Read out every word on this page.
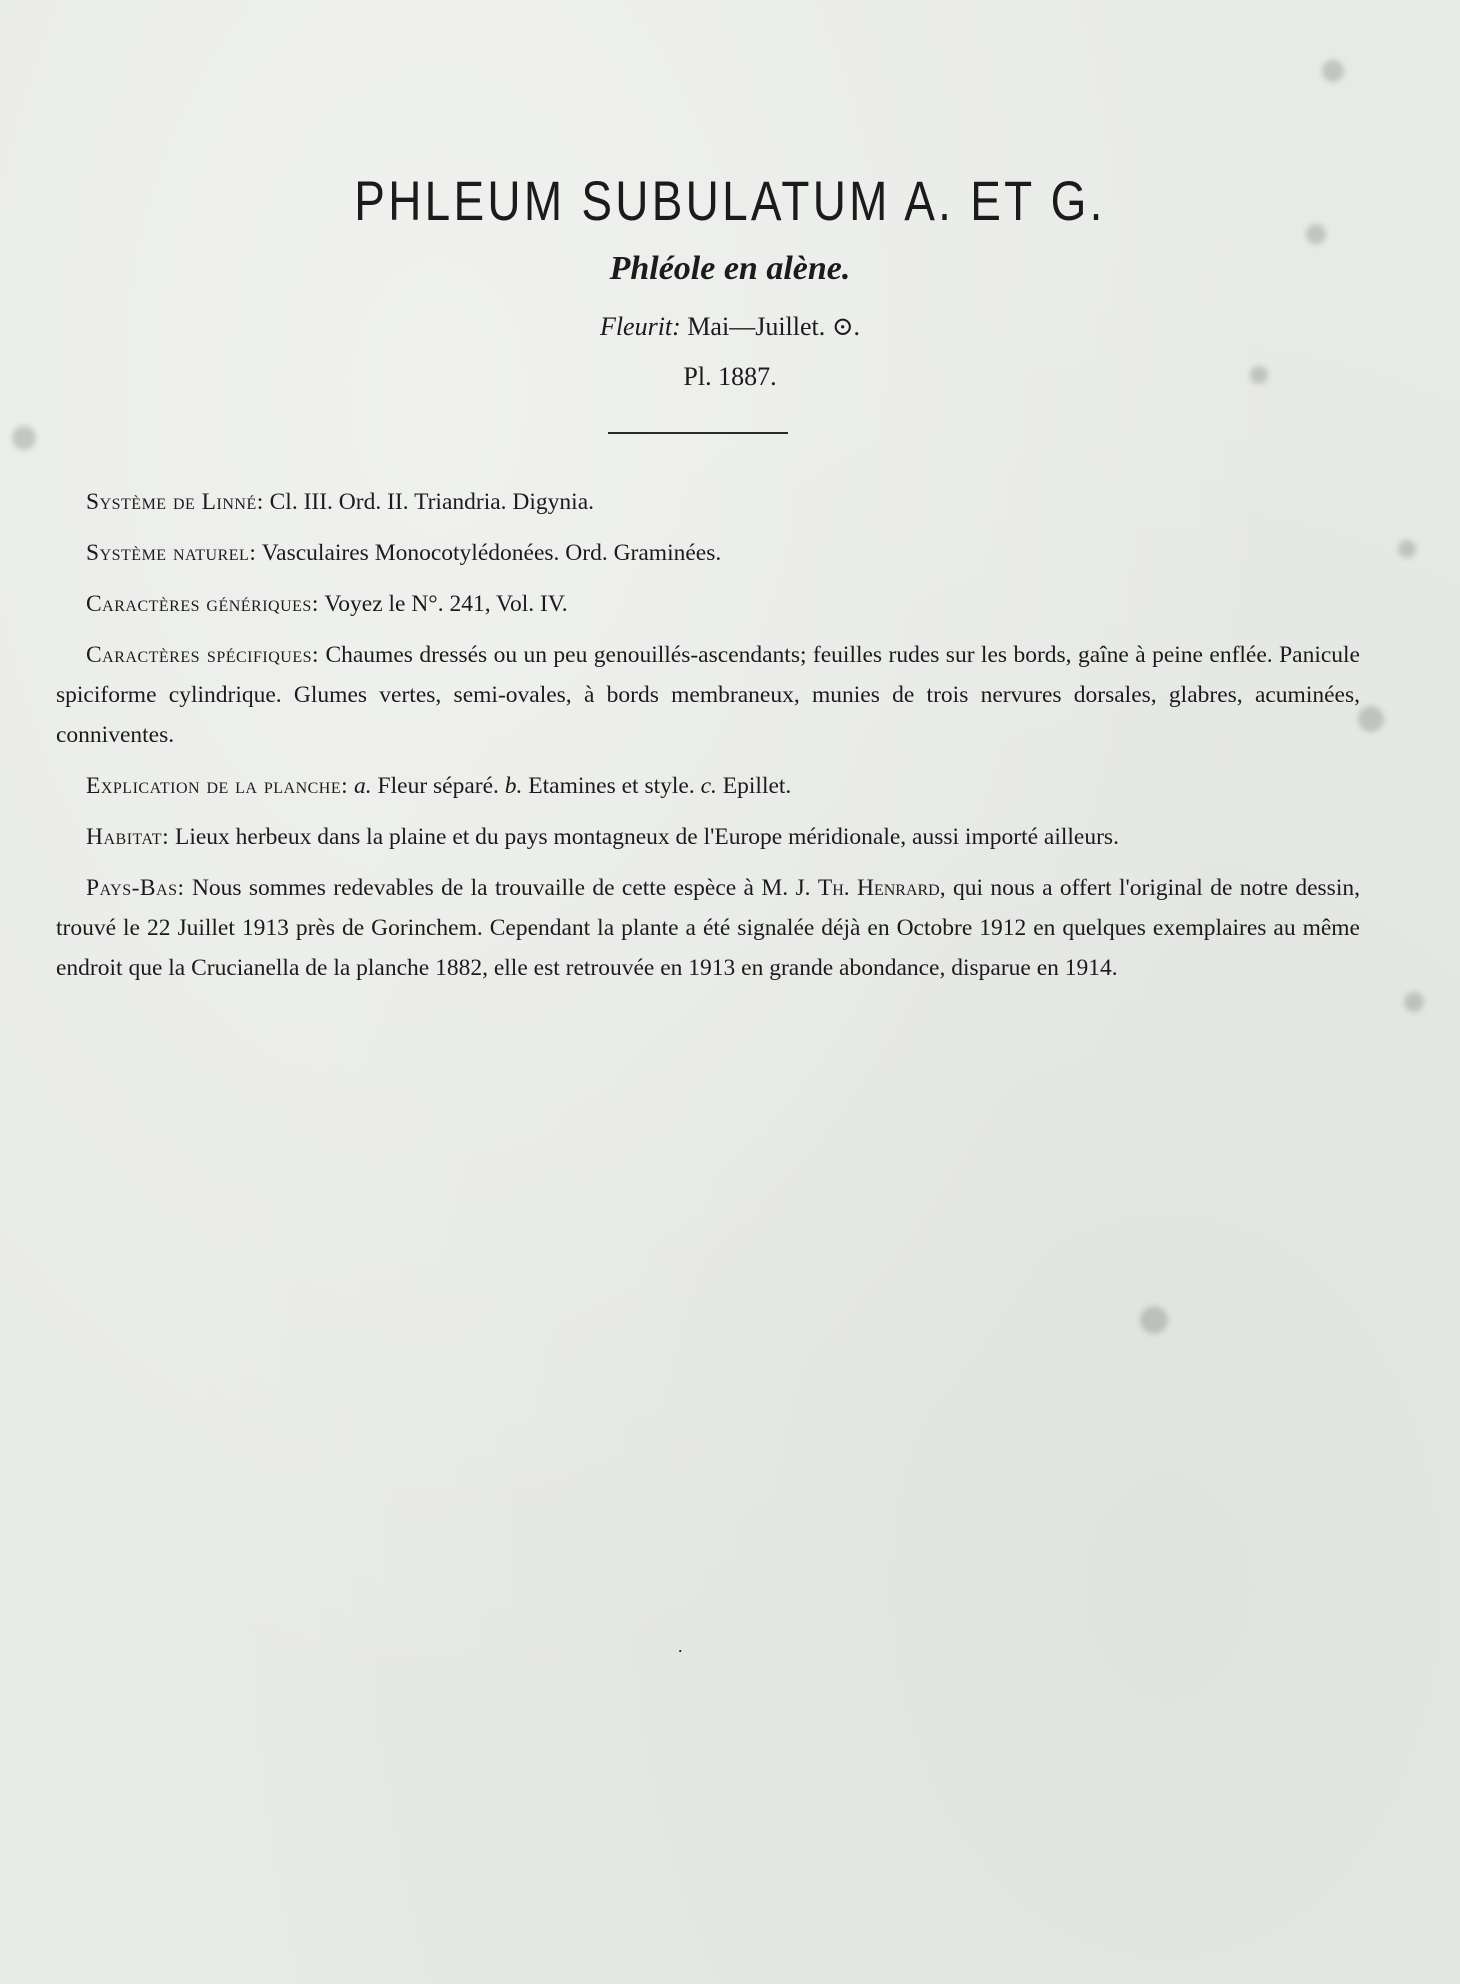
PHLEUM SUBULATUM A. ET G.
Phléole en alène.
Fleurit: Mai—Juillet. ⊙.
Pl. 1887.

Système de Linné: Cl. III. Ord. II. Triandria. Digynia.

Système naturel: Vasculaires Monocotylédonées. Ord. Graminées.

Caractères génériques: Voyez le N°. 241, Vol. IV.

Caractères spécifiques: Chaumes dressés ou un peu genouillés-ascendants; feuilles rudes sur les bords, gaîne à peine enflée. Panicule spiciforme cylindrique. Glumes vertes, semi-ovales, à bords membraneux, munies de trois nervures dorsales, glabres, acuminées, conniventes.

Explication de la planche: a. Fleur séparé. b. Etamines et style. c. Epillet.

Habitat: Lieux herbeux dans la plaine et du pays montagneux de l'Europe méridionale, aussi importé ailleurs.

Pays-Bas: Nous sommes redevables de la trouvaille de cette espèce à M. J. Th. Henrard, qui nous a offert l'original de notre dessin, trouvé le 22 Juillet 1913 près de Gorinchem. Cependant la plante a été signalée déjà en Octobre 1912 en quelques exemplaires au même endroit que la Crucianella de la planche 1882, elle est retrouvée en 1913 en grande abondance, disparue en 1914.

.
